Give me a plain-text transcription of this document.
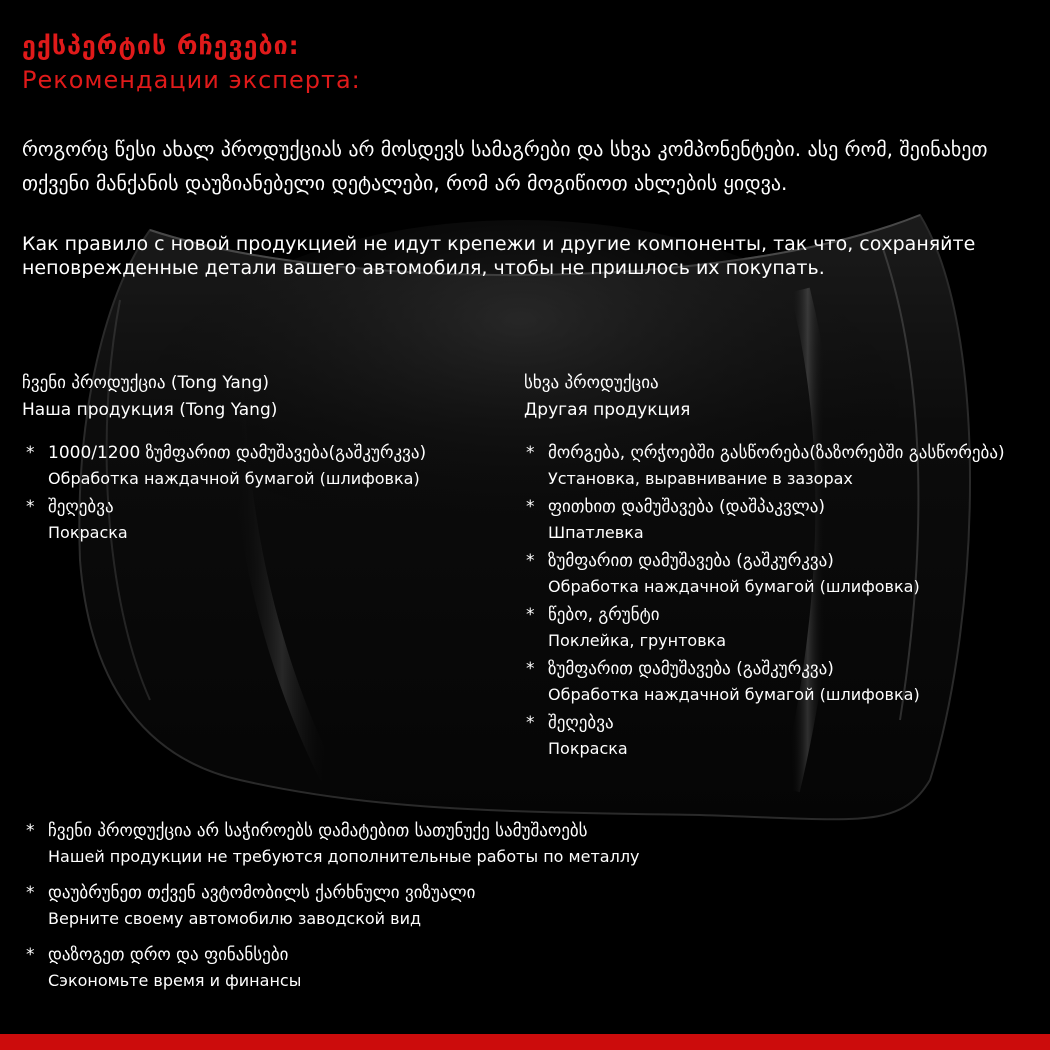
ექსპერტის რჩევები:
Рекомендации эксперта:
როგორც წესი ახალ პროდუქციას არ მოსდევს სამაგრები და სხვა კომპონენტები. ასე რომ, შეინახეთ თქვენი მანქანის დაუზიანებელი დეტალები, რომ არ მოგიწიოთ ახლების ყიდვა.
Как правило с новой продукцией не идут крепежи и другие компоненты, так что, сохраняйте неповрежденные детали вашего автомобиля, чтобы не пришлось их покупать.
ჩვენი პროდუქცია (Tong Yang)
Наша продукция (Tong Yang)
* 1000/1200 ზუმფარით დამუშავება(გაშკურკვა)
Обработка наждачной бумагой (шлифовка)
* შეღებვა
Покраска
სხვა პროდუქცია
Другая продукция
* მორგება, ღრჭოებში გასწორება(ზაზორებში გასწორება)
Установка, выравнивание в зазорах
* ფითხით დამუშავება (დაშპაკვლა)
Шпатлевка
* ზუმფარით დამუშავება (გაშკურკვა)
Обработка наждачной бумагой (шлифовка)
* წებო, გრუნტი
Поклейка, грунтовка
* ზუმფარით დამუშავება (გაშკურკვა)
Обработка наждачной бумагой (шлифовка)
* შეღებვა
Покраска
* ჩვენი პროდუქცია არ საჭიროებს დამატებით სათუნუქე სამუშაოებს
Нашей продукции не требуются дополнительные работы по металлу
* დაუბრუნეთ თქვენ ავტომობილს ქარხნული ვიზუალი
Верните своему автомобилю заводской вид
* დაზოგეთ დრო და ფინანსები
Сэкономьте время и финансы
